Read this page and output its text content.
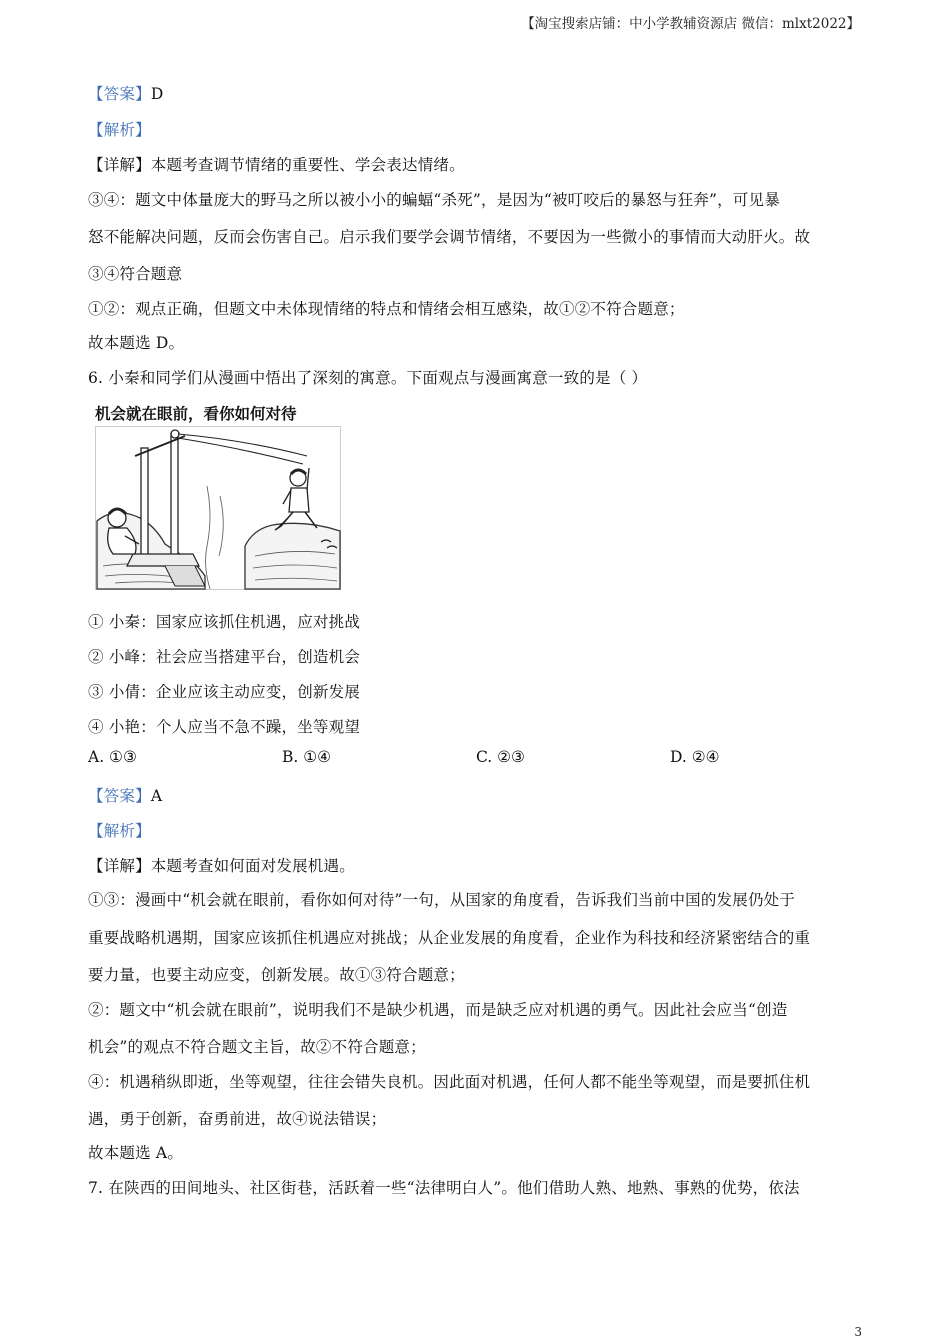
【淘宝搜索店铺：中小学教辅资源店 微信：mlxt2022】
【答案】D
【解析】
【详解】本题考查调节情绪的重要性、学会表达情绪。
③④：题文中体量庞大的野马之所以被小小的蝙蝠“杀死”，是因为“被叮咬后的暴怒与狂奔”，可见暴
怒不能解决问题，反而会伤害自己。启示我们要学会调节情绪，不要因为一些微小的事情而大动肝火。故
③④符合题意
①②：观点正确，但题文中未体现情绪的特点和情绪会相互感染，故①②不符合题意；
故本题选 D。
6. 小秦和同学们从漫画中悟出了深刻的寓意。下面观点与漫画寓意一致的是（ ）
机会就在眼前，看你如何对待
① 小秦：国家应该抓住机遇，应对挑战
② 小峰：社会应当搭建平台，创造机会
③ 小倩：企业应该主动应变，创新发展
④ 小艳：个人应当不急不躁，坐等观望
A. ①③	B. ①④	C. ②③	D. ②④
【答案】A
【解析】
【详解】本题考查如何面对发展机遇。
①③：漫画中“机会就在眼前，看你如何对待”一句，从国家的角度看，告诉我们当前中国的发展仍处于
重要战略机遇期，国家应该抓住机遇应对挑战；从企业发展的角度看，企业作为科技和经济紧密结合的重
要力量，也要主动应变，创新发展。故①③符合题意；
②：题文中“机会就在眼前”，说明我们不是缺少机遇，而是缺乏应对机遇的勇气。因此社会应当“创造
机会”的观点不符合题文主旨，故②不符合题意；
④：机遇稍纵即逝，坐等观望，往往会错失良机。因此面对机遇，任何人都不能坐等观望，而是要抓住机
遇，勇于创新，奋勇前进，故④说法错误；
故本题选 A。
7. 在陕西的田间地头、社区街巷，活跃着一些“法律明白人”。他们借助人熟、地熟、事熟的优势，依法
3
